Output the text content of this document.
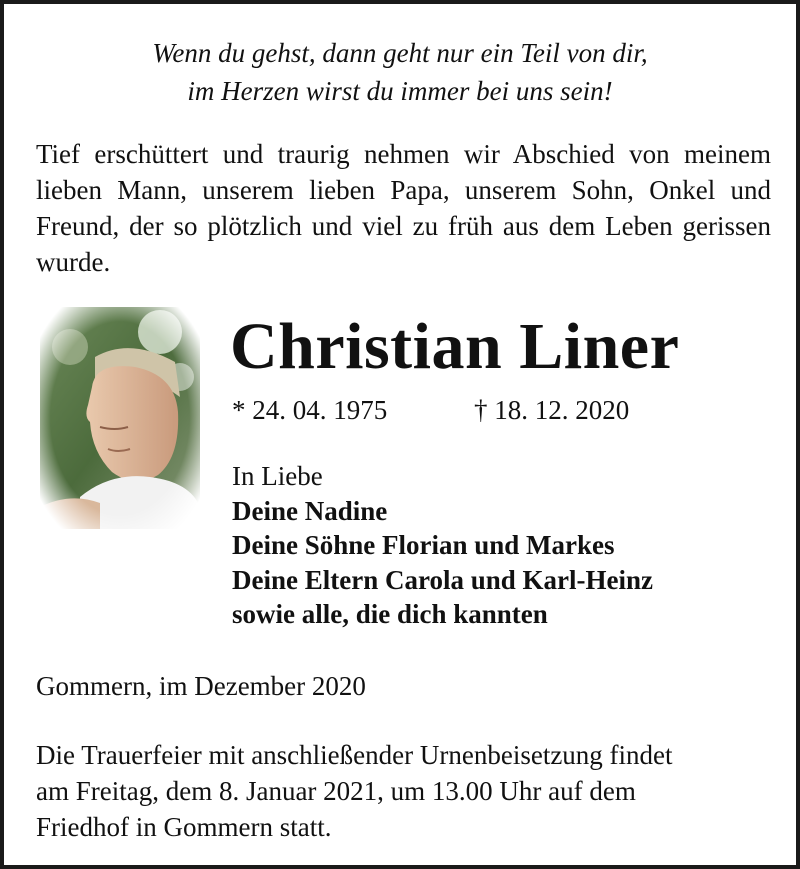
Wenn du gehst, dann geht nur ein Teil von dir,
im Herzen wirst du immer bei uns sein!
Tief erschüttert und traurig nehmen wir Abschied von meinem lieben Mann, unserem lieben Papa, unserem Sohn, Onkel und Freund, der so plötzlich und viel zu früh aus dem Leben gerissen wurde.
Christian Liner
* 24. 04. 1975	† 18. 12. 2020
In Liebe
Deine Nadine
Deine Söhne Florian und Markes
Deine Eltern Carola und Karl-Heinz
sowie alle, die dich kannten
Gommern, im Dezember 2020
Die Trauerfeier mit anschließender Urnenbeisetzung findet
am Freitag, dem 8. Januar 2021, um 13.00 Uhr auf dem
Friedhof in Gommern statt.
